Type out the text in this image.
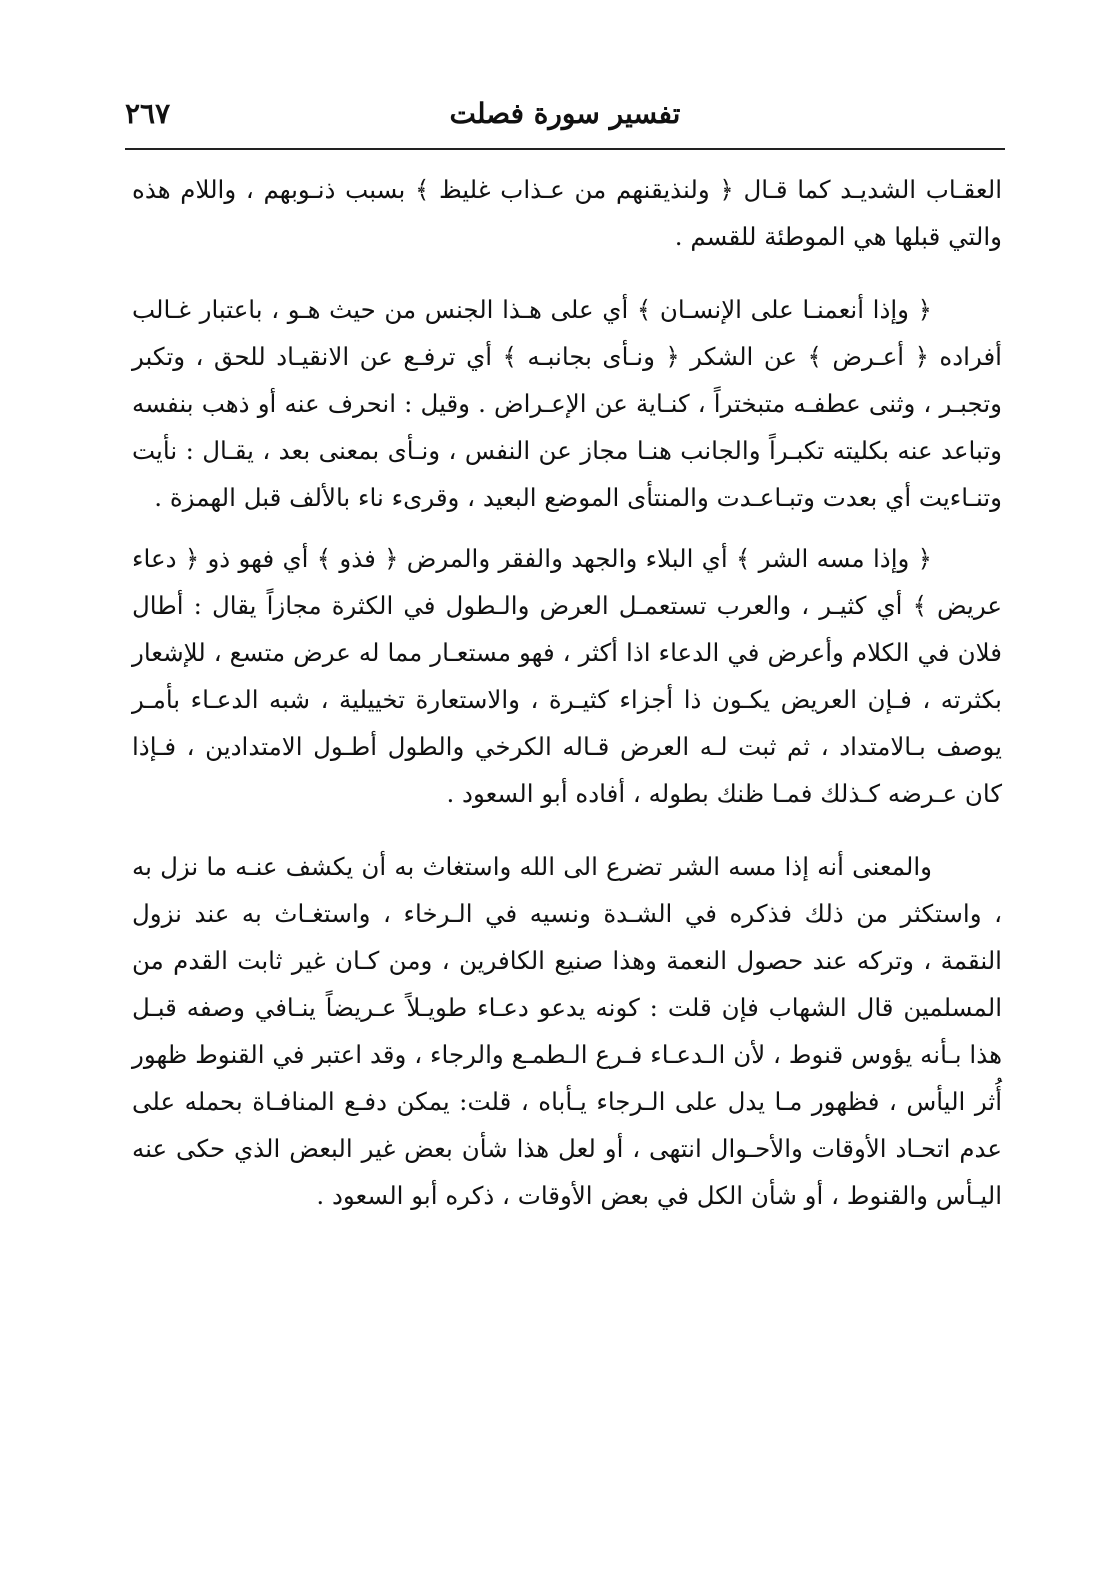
تفسير سورة فصلت
٢٦٧

العقـاب الشديـد كما قـال ﴿ ولنذيقنهم من عـذاب غليظ ﴾ بسبب ذنـوبهم ، واللام هذه والتي قبلها هي الموطئة للقسم .

﴿ وإذا أنعمنـا على الإنسـان ﴾ أي على هـذا الجنس من حيث هـو ، باعتبار غـالب أفراده ﴿ أعـرض ﴾ عن الشكر ﴿ ونـأى بجانبـه ﴾ أي ترفـع عن الانقيـاد للحق ، وتكبر وتجبـر ، وثنى عطفـه متبختراً ، كنـاية عن الإعـراض . وقيل : انحرف عنه أو ذهب بنفسه وتباعد عنه بكليته تكبـراً والجانب هنـا مجاز عن النفس ، ونـأى بمعنى بعد ، يقـال : نأيت وتنـاءيت أي بعدت وتبـاعـدت والمنتأى الموضع البعيد ، وقرىء ناء بالألف قبل الهمزة .

﴿ وإذا مسه الشر ﴾ أي البلاء والجهد والفقر والمرض ﴿ فذو ﴾ أي فهو ذو ﴿ دعاء عريض ﴾ أي كثيـر ، والعرب تستعمـل العرض والـطول في الكثرة مجازاً يقال : أطال فلان في الكلام وأعرض في الدعاء اذا أكثر ، فهو مستعـار مما له عرض متسع ، للإشعار بكثرته ، فـإن العريض يكـون ذا أجزاء كثيـرة ، والاستعارة تخييلية ، شبه الدعـاء بأمـر يوصف بـالامتداد ، ثم ثبت لـه العرض قـاله الكرخي والطول أطـول الامتدادين ، فـإذا كان عـرضه كـذلك فمـا ظنك بطوله ، أفاده أبو السعود .

والمعنى أنه إذا مسه الشر تضرع الى الله واستغاث به أن يكشف عنـه ما نزل به ، واستكثر من ذلك فذكره في الشـدة ونسيه في الـرخاء ، واستغـاث به عند نزول النقمة ، وتركه عند حصول النعمة وهذا صنيع الكافرين ، ومن كـان غير ثابت القدم من المسلمين قال الشهاب فإن قلت : كونه يدعو دعـاء طويـلاً عـريضاً ينـافي وصفه قبـل هذا بـأنه يؤوس قنوط ، لأن الـدعـاء فـرع الـطمـع والرجاء ، وقد اعتبر في القنوط ظهور أُثر اليأس ، فظهور مـا يدل على الـرجاء يـأباه ، قلت: يمكن دفـع المنافـاة بحمله على عدم اتحـاد الأوقات والأحـوال انتهى ، أو لعل هذا شأن بعض غير البعض الذي حكى عنه اليـأس والقنوط ، أو شأن الكل في بعض الأوقات ، ذكره أبو السعود .
